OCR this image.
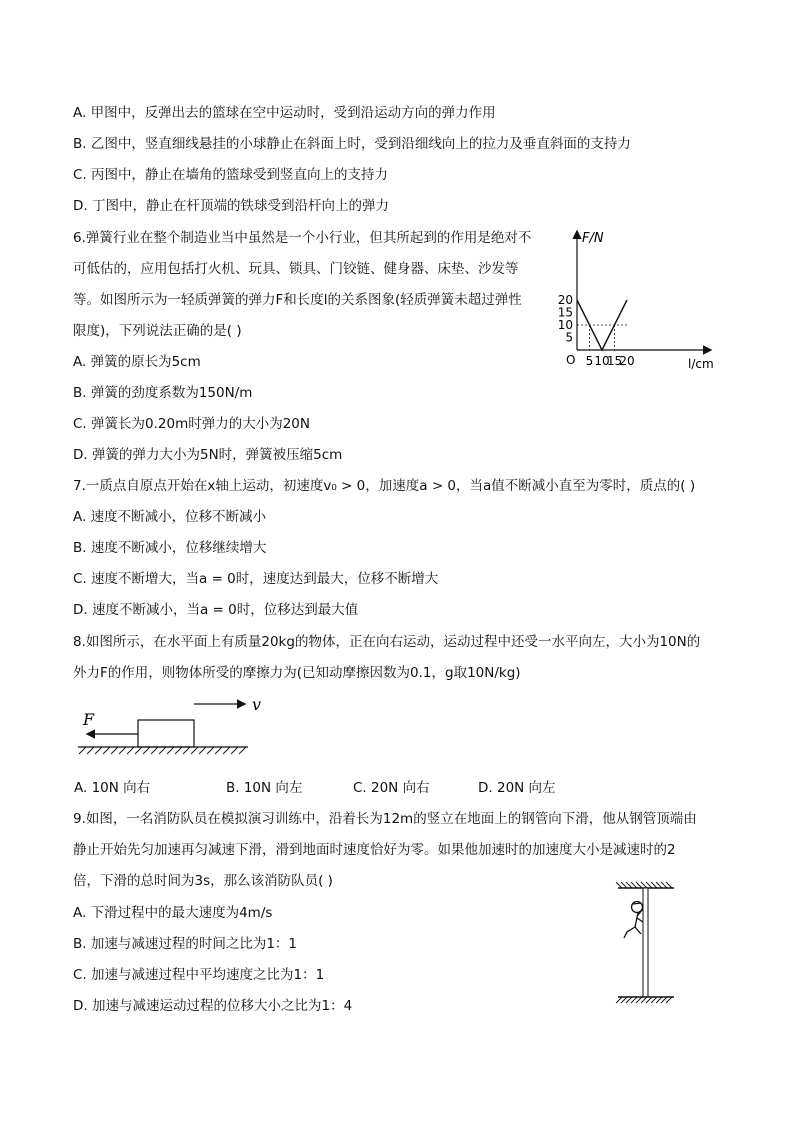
A. 甲图中，反弹出去的篮球在空中运动时，受到沿运动方向的弹力作用
B. 乙图中，竖直细线悬挂的小球静止在斜面上时，受到沿细线向上的拉力及垂直斜面的支持力
C. 丙图中，静止在墙角的篮球受到竖直向上的支持力
D. 丁图中，静止在杆顶端的铁球受到沿杆向上的弹力
6.弹簧行业在整个制造业当中虽然是一个小行业，但其所起到的作用是绝对不
可低估的，应用包括打火机、玩具、锁具、门铰链、健身器、床垫、沙发等
等。如图所示为一轻质弹簧的弹力F和长度l的关系图象(轻质弹簧未超过弹性
限度)，下列说法正确的是( )
A. 弹簧的原长为5cm
B. 弹簧的劲度系数为150N/m
C. 弹簧长为0.20m时弹力的大小为20N
D. 弹簧的弹力大小为5N时，弹簧被压缩5cm
F/N
l/cm
O 5 10
15
20
5
10
15
20
7.一质点自原点开始在x轴上运动，初速度v₀ > 0，加速度a > 0，当a值不断减小直至为零时，质点的( )
A. 速度不断减小，位移不断减小
B. 速度不断减小，位移继续增大
C. 速度不断增大，当a = 0时，速度达到最大，位移不断增大
D. 速度不断减小，当a = 0时，位移达到最大值
8.如图所示，在水平面上有质量20kg的物体，正在向右运动，运动过程中还受一水平向左，大小为10N的
外力F的作用，则物体所受的摩擦力为(已知动摩擦因数为0.1，g取10N/kg)
v
F
A. 10N 向右	B. 10N 向左	C. 20N 向右	D. 20N 向左
9.如图，一名消防队员在模拟演习训练中，沿着长为12m的竖立在地面上的钢管向下滑，他从钢管顶端由
静止开始先匀加速再匀减速下滑，滑到地面时速度恰好为零。如果他加速时的加速度大小是减速时的2
倍，下滑的总时间为3s，那么该消防队员( )
A. 下滑过程中的最大速度为4m/s
B. 加速与减速过程的时间之比为1：1
C. 加速与减速过程中平均速度之比为1：1
D. 加速与减速运动过程的位移大小之比为1：4
